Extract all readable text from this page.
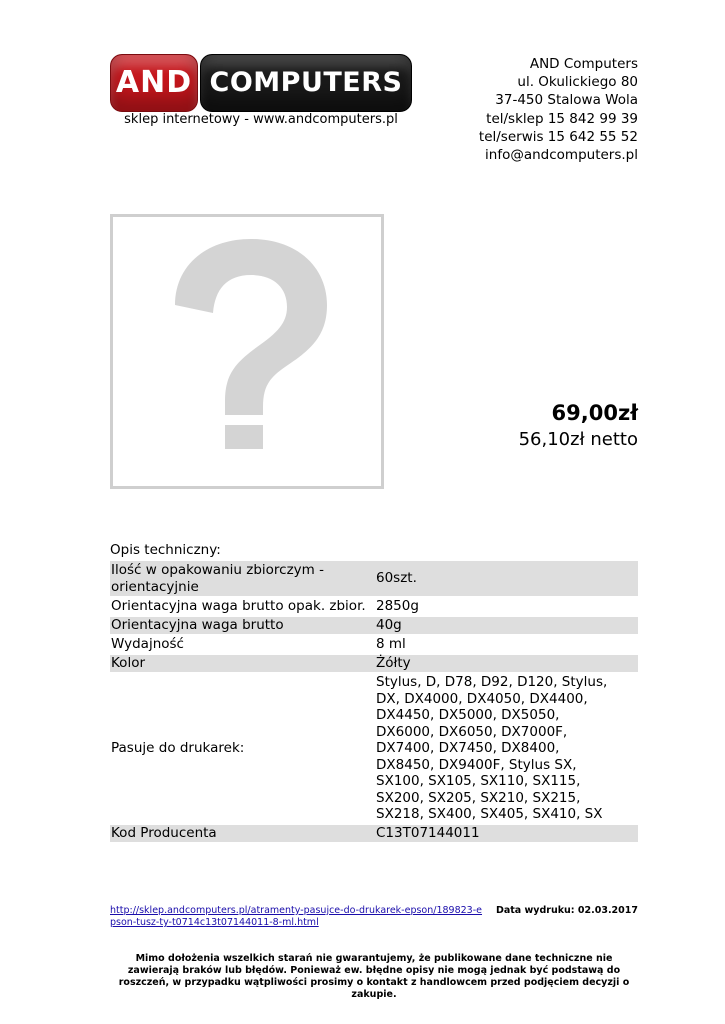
AND COMPUTERS
sklep internetowy - www.andcomputers.pl
AND Computers
ul. Okulickiego 80
37-450 Stalowa Wola
tel/sklep 15 842 99 39
tel/serwis 15 642 55 52
info@andcomputers.pl
69,00zł
56,10zł netto
Opis techniczny:
Ilość w opakowaniu zbiorczym - orientacyjnie	60szt.

Orientacyjna waga brutto opak. zbior.	2850g

Orientacyjna waga brutto	40g

Wydajność	8 ml

Kolor	Żółty

Pasuje do drukarek:	Stylus, D, D78, D92, D120, Stylus, DX, DX4000, DX4050, DX4400, DX4450, DX5000, DX5050, DX6000, DX6050, DX7000F, DX7400, DX7450, DX8400, DX8450, DX9400F, Stylus SX, SX100, SX105, SX110, SX115, SX200, SX205, SX210, SX215, SX218, SX400, SX405, SX410, SX

Kod Producenta	C13T07144011
http://sklep.andcomputers.pl/atramenty-pasujce-do-drukarek-epson/189823-epson-tusz-ty-t0714c13t07144011-8-ml.html
Data wydruku: 02.03.2017
Mimo dołożenia wszelkich starań nie gwarantujemy, że publikowane dane techniczne nie zawierają braków lub błędów. Ponieważ ew. błędne opisy nie mogą jednak być podstawą do roszczeń, w przypadku wątpliwości prosimy o kontakt z handlowcem przed podjęciem decyzji o zakupie.
